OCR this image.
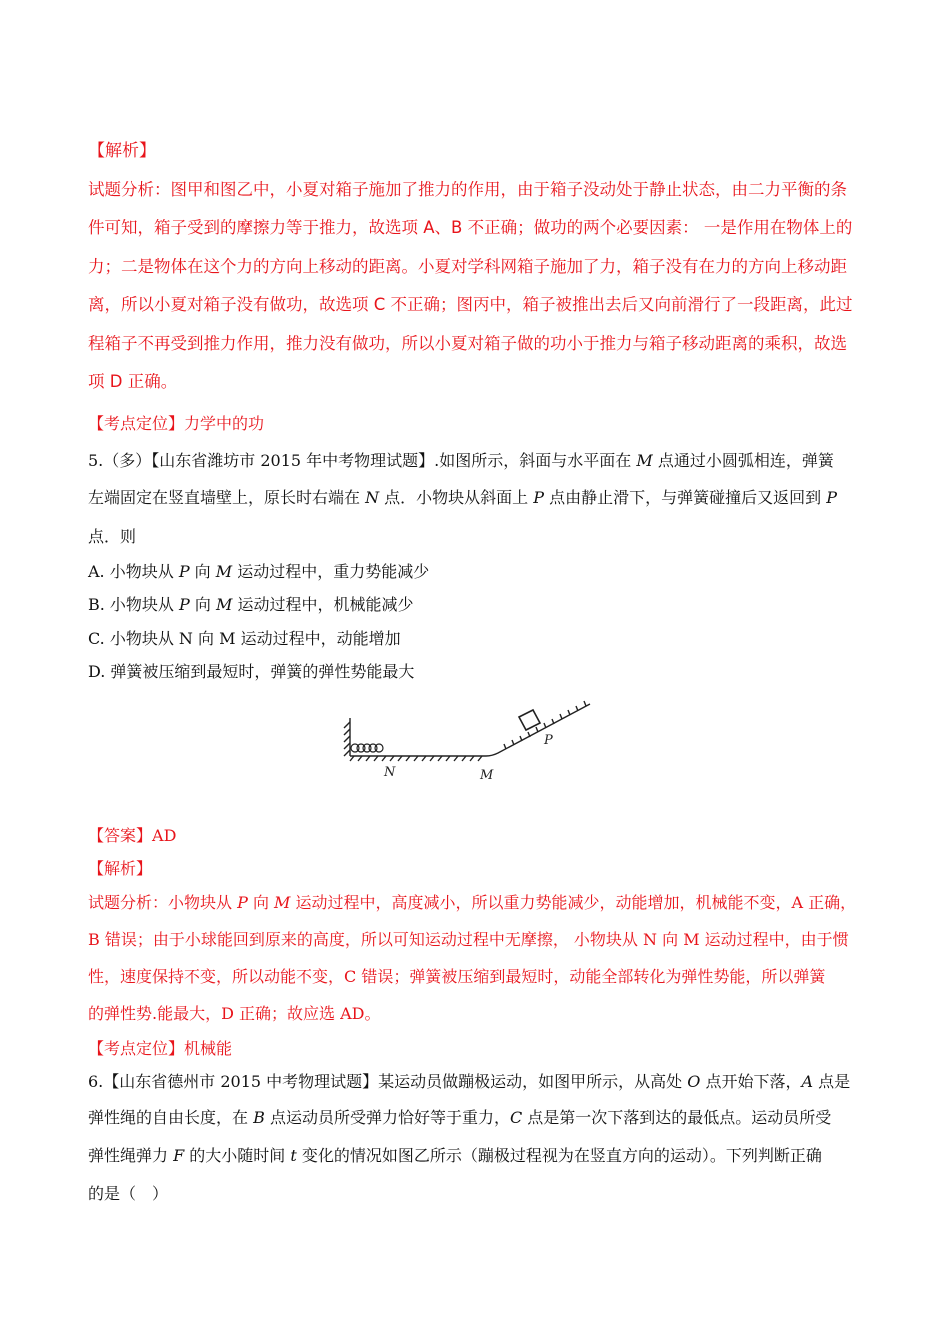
【解析】
试题分析：图甲和图乙中，小夏对箱子施加了推力的作用，由于箱子没动处于静止状态，由二力平衡的条
件可知，箱子受到的摩擦力等于推力，故选项 A、B 不正确；做功的两个必要因素： 一是作用在物体上的
力；二是物体在这个力的方向上移动的距离。小夏对学科网箱子施加了力，箱子没有在力的方向上移动距
离，所以小夏对箱子没有做功，故选项 C 不正确；图丙中，箱子被推出去后又向前滑行了一段距离，此过
程箱子不再受到推力作用，推力没有做功，所以小夏对箱子做的功小于推力与箱子移动距离的乘积，故选
项 D 正确。
【考点定位】力学中的功
5.（多）【山东省潍坊市 2015 年中考物理试题】.如图所示，斜面与水平面在 M 点通过小圆弧相连，弹簧
左端固定在竖直墙壁上，原长时右端在 N 点．小物块从斜面上 P 点由静止滑下，与弹簧碰撞后又返回到 P
点．则
A. 小物块从 P 向 M 运动过程中，重力势能减少
B. 小物块从 P 向 M 运动过程中，机械能减少
C. 小物块从 N 向 M 运动过程中，动能增加
D. 弹簧被压缩到最短时，弹簧的弹性势能最大
N	M
P
【答案】AD
【解析】
试题分析：小物块从 P 向 M 运动过程中，高度减小，所以重力势能减少，动能增加，机械能不变，A 正确，
B 错误；由于小球能回到原来的高度，所以可知运动过程中无摩擦， 小物块从 N 向 M 运动过程中，由于惯
性，速度保持不变，所以动能不变，C 错误；弹簧被压缩到最短时，动能全部转化为弹性势能，所以弹簧
的弹性势.能最大，D 正确；故应选 AD。
【考点定位】机械能
6.【山东省德州市 2015 中考物理试题】某运动员做蹦极运动，如图甲所示，从高处 O 点开始下落，A 点是
弹性绳的自由长度，在 B 点运动员所受弹力恰好等于重力，C 点是第一次下落到达的最低点。运动员所受
弹性绳弹力 F 的大小随时间 t 变化的情况如图乙所示（蹦极过程视为在竖直方向的运动）。下列判断正确
的是（　）
